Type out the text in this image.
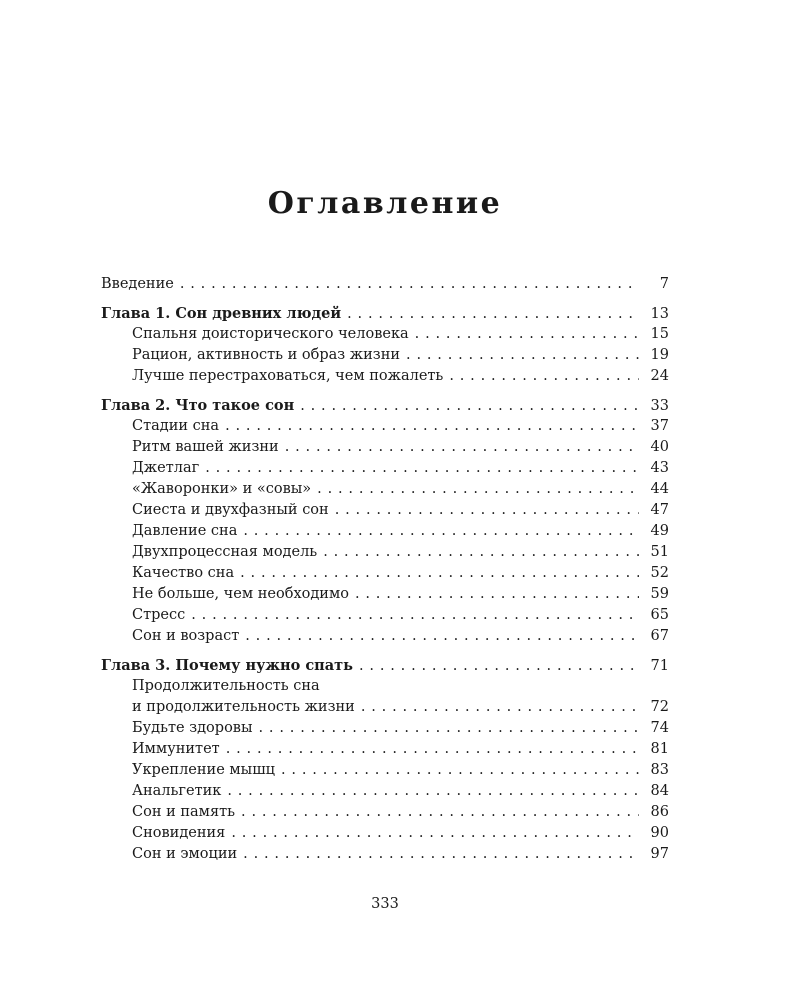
Оглавление
Введение . . .	7
Глава 1. Сон древних людей . . .	13
Спальня доисторического человека . . .	15
Рацион, активность и образ жизни . . .	19
Лучше перестраховаться, чем пожалеть . . .	24
Глава 2. Что такое сон . . .	33
Стадии сна . . .	37
Ритм вашей жизни . . .	40
Джетлаг . . .	43
«Жаворонки» и «совы» . . .	44
Сиеста и двухфазный сон . . .	47
Давление сна . . .	49
Двухпроцессная модель . . .	51
Качество сна . . .	52
Не больше, чем необходимо . . .	59
Стресс . . .	65
Сон и возраст . . .	67
Глава 3. Почему нужно спать . . .	71
Продолжительность сна
и продолжительность жизни . . .	72
Будьте здоровы . . .	74
Иммунитет . . .	81
Укрепление мышц . . .	83
Анальгетик . . .	84
Сон и память . . .	86
Сновидения . . .	90
Сон и эмоции . . .	97
333
